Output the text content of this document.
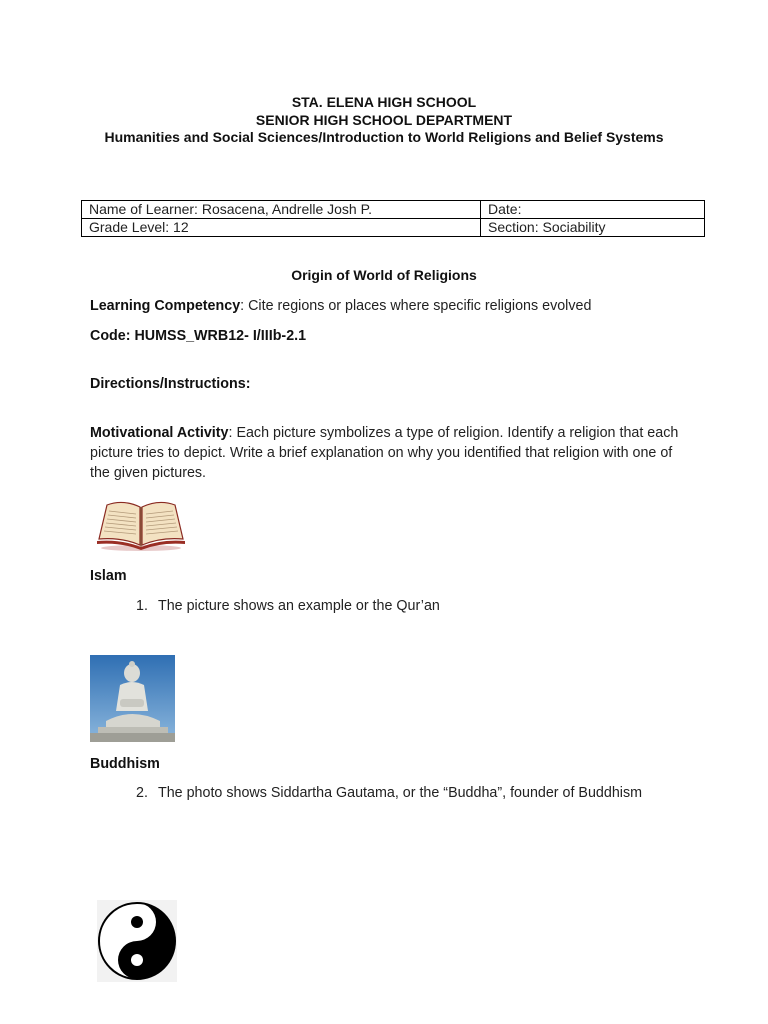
STA. ELENA HIGH SCHOOL
SENIOR HIGH SCHOOL DEPARTMENT
Humanities and Social Sciences/Introduction to World Religions and Belief Systems
Name of Learner: Rosacena, Andrelle Josh P.	Date:
Grade Level: 12	Section: Sociability
Origin of World of Religions
Learning Competency: Cite regions or places where specific religions evolved
Code: HUMSS_WRB12- I/IIIb-2.1
Directions/Instructions:
Motivational Activity: Each picture symbolizes a type of religion. Identify a religion that each picture tries to depict. Write a brief explanation on why you identified that religion with one of the given pictures.
Islam
1. The picture shows an example or the Qur’an
Buddhism
2. The photo shows Siddartha Gautama, or the “Buddha”, founder of Buddhism
